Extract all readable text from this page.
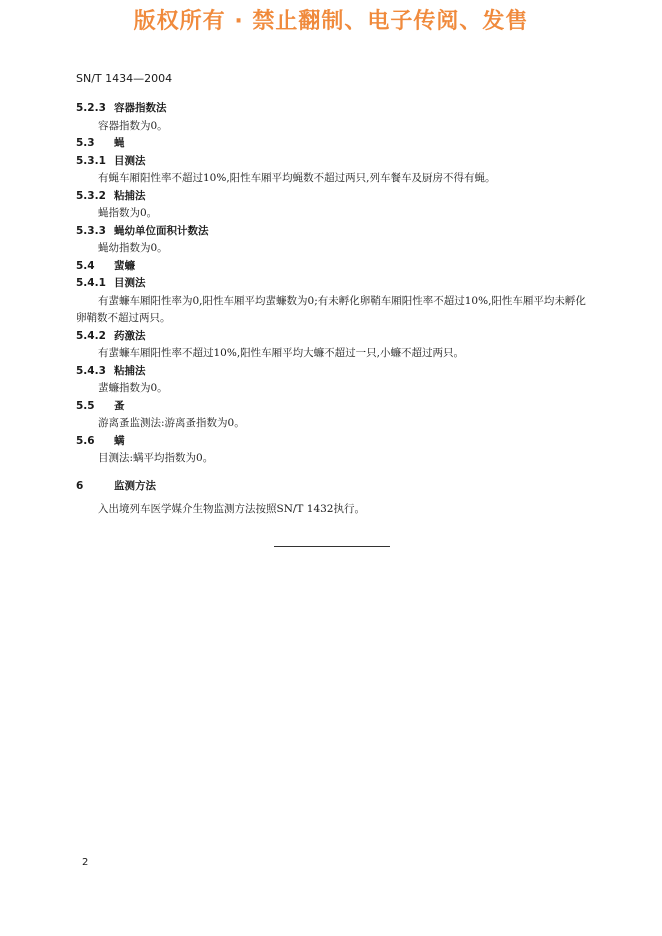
版权所有 · 禁止翻制、电子传阅、发售
SN/T 1434—2004
5.2.3 容器指数法
容器指数为0。
5.3 蝇
5.3.1 目测法
有蝇车厢阳性率不超过10%,阳性车厢平均蝇数不超过两只,列车餐车及厨房不得有蝇。
5.3.2 粘捕法
蝇指数为0。
5.3.3 蝇幼单位面积计数法
蝇幼指数为0。
5.4 蜚蠊
5.4.1 目测法
有蜚蠊车厢阳性率为0,阳性车厢平均蜚蠊数为0;有未孵化卵鞘车厢阳性率不超过10%,阳性车厢平均未孵化卵鞘数不超过两只。
5.4.2 药激法
有蜚蠊车厢阳性率不超过10%,阳性车厢平均大蠊不超过一只,小蠊不超过两只。
5.4.3 粘捕法
蜚蠊指数为0。
5.5 蚤
游离蚤监测法:游离蚤指数为0。
5.6 螨
目测法:螨平均指数为0。
6	监测方法
入出境列车医学媒介生物监测方法按照SN/T 1432执行。
2
